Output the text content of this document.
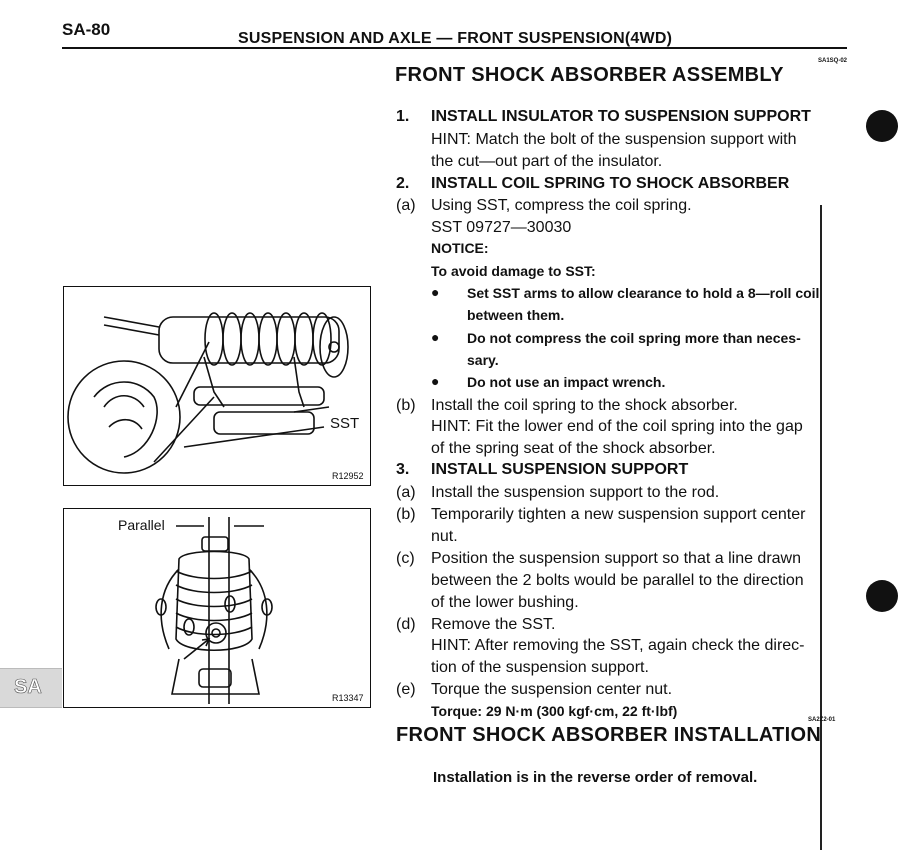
SA-80	SUSPENSION AND AXLE — FRONT SUSPENSION(4WD)
SA
FRONT SHOCK ABSORBER ASSEMBLY
SA1SQ-02
1. INSTALL INSULATOR TO SUSPENSION SUPPORT
HINT: Match the bolt of the suspension support with
the cut—out part of the insulator.
2. INSTALL COIL SPRING TO SHOCK ABSORBER
(a) Using SST, compress the coil spring.
SST 09727—30030
NOTICE:
To avoid damage to SST:
● Set SST arms to allow clearance to hold a 8—roll coil
between them.
● Do not compress the coil spring more than neces-
sary.
● Do not use an impact wrench.
(b) Install the coil spring to the shock absorber.
HINT: Fit the lower end of the coil spring into the gap
of the spring seat of the shock absorber.
3. INSTALL SUSPENSION SUPPORT
(a) Install the suspension support to the rod.
(b) Temporarily tighten a new suspension support center
nut.
(c) Position the suspension support so that a line drawn
between the 2 bolts would be parallel to the direction
of the lower bushing.
(d) Remove the SST.
HINT: After removing the SST, again check the direc-
tion of the suspension support.
(e) Torque the suspension center nut.
Torque: 29 N·m (300 kgf·cm, 22 ft·lbf)
SA2Z2-01
FRONT SHOCK ABSORBER INSTALLATION
Installation is in the reverse order of removal.
SST
R12952
Parallel
R13347
